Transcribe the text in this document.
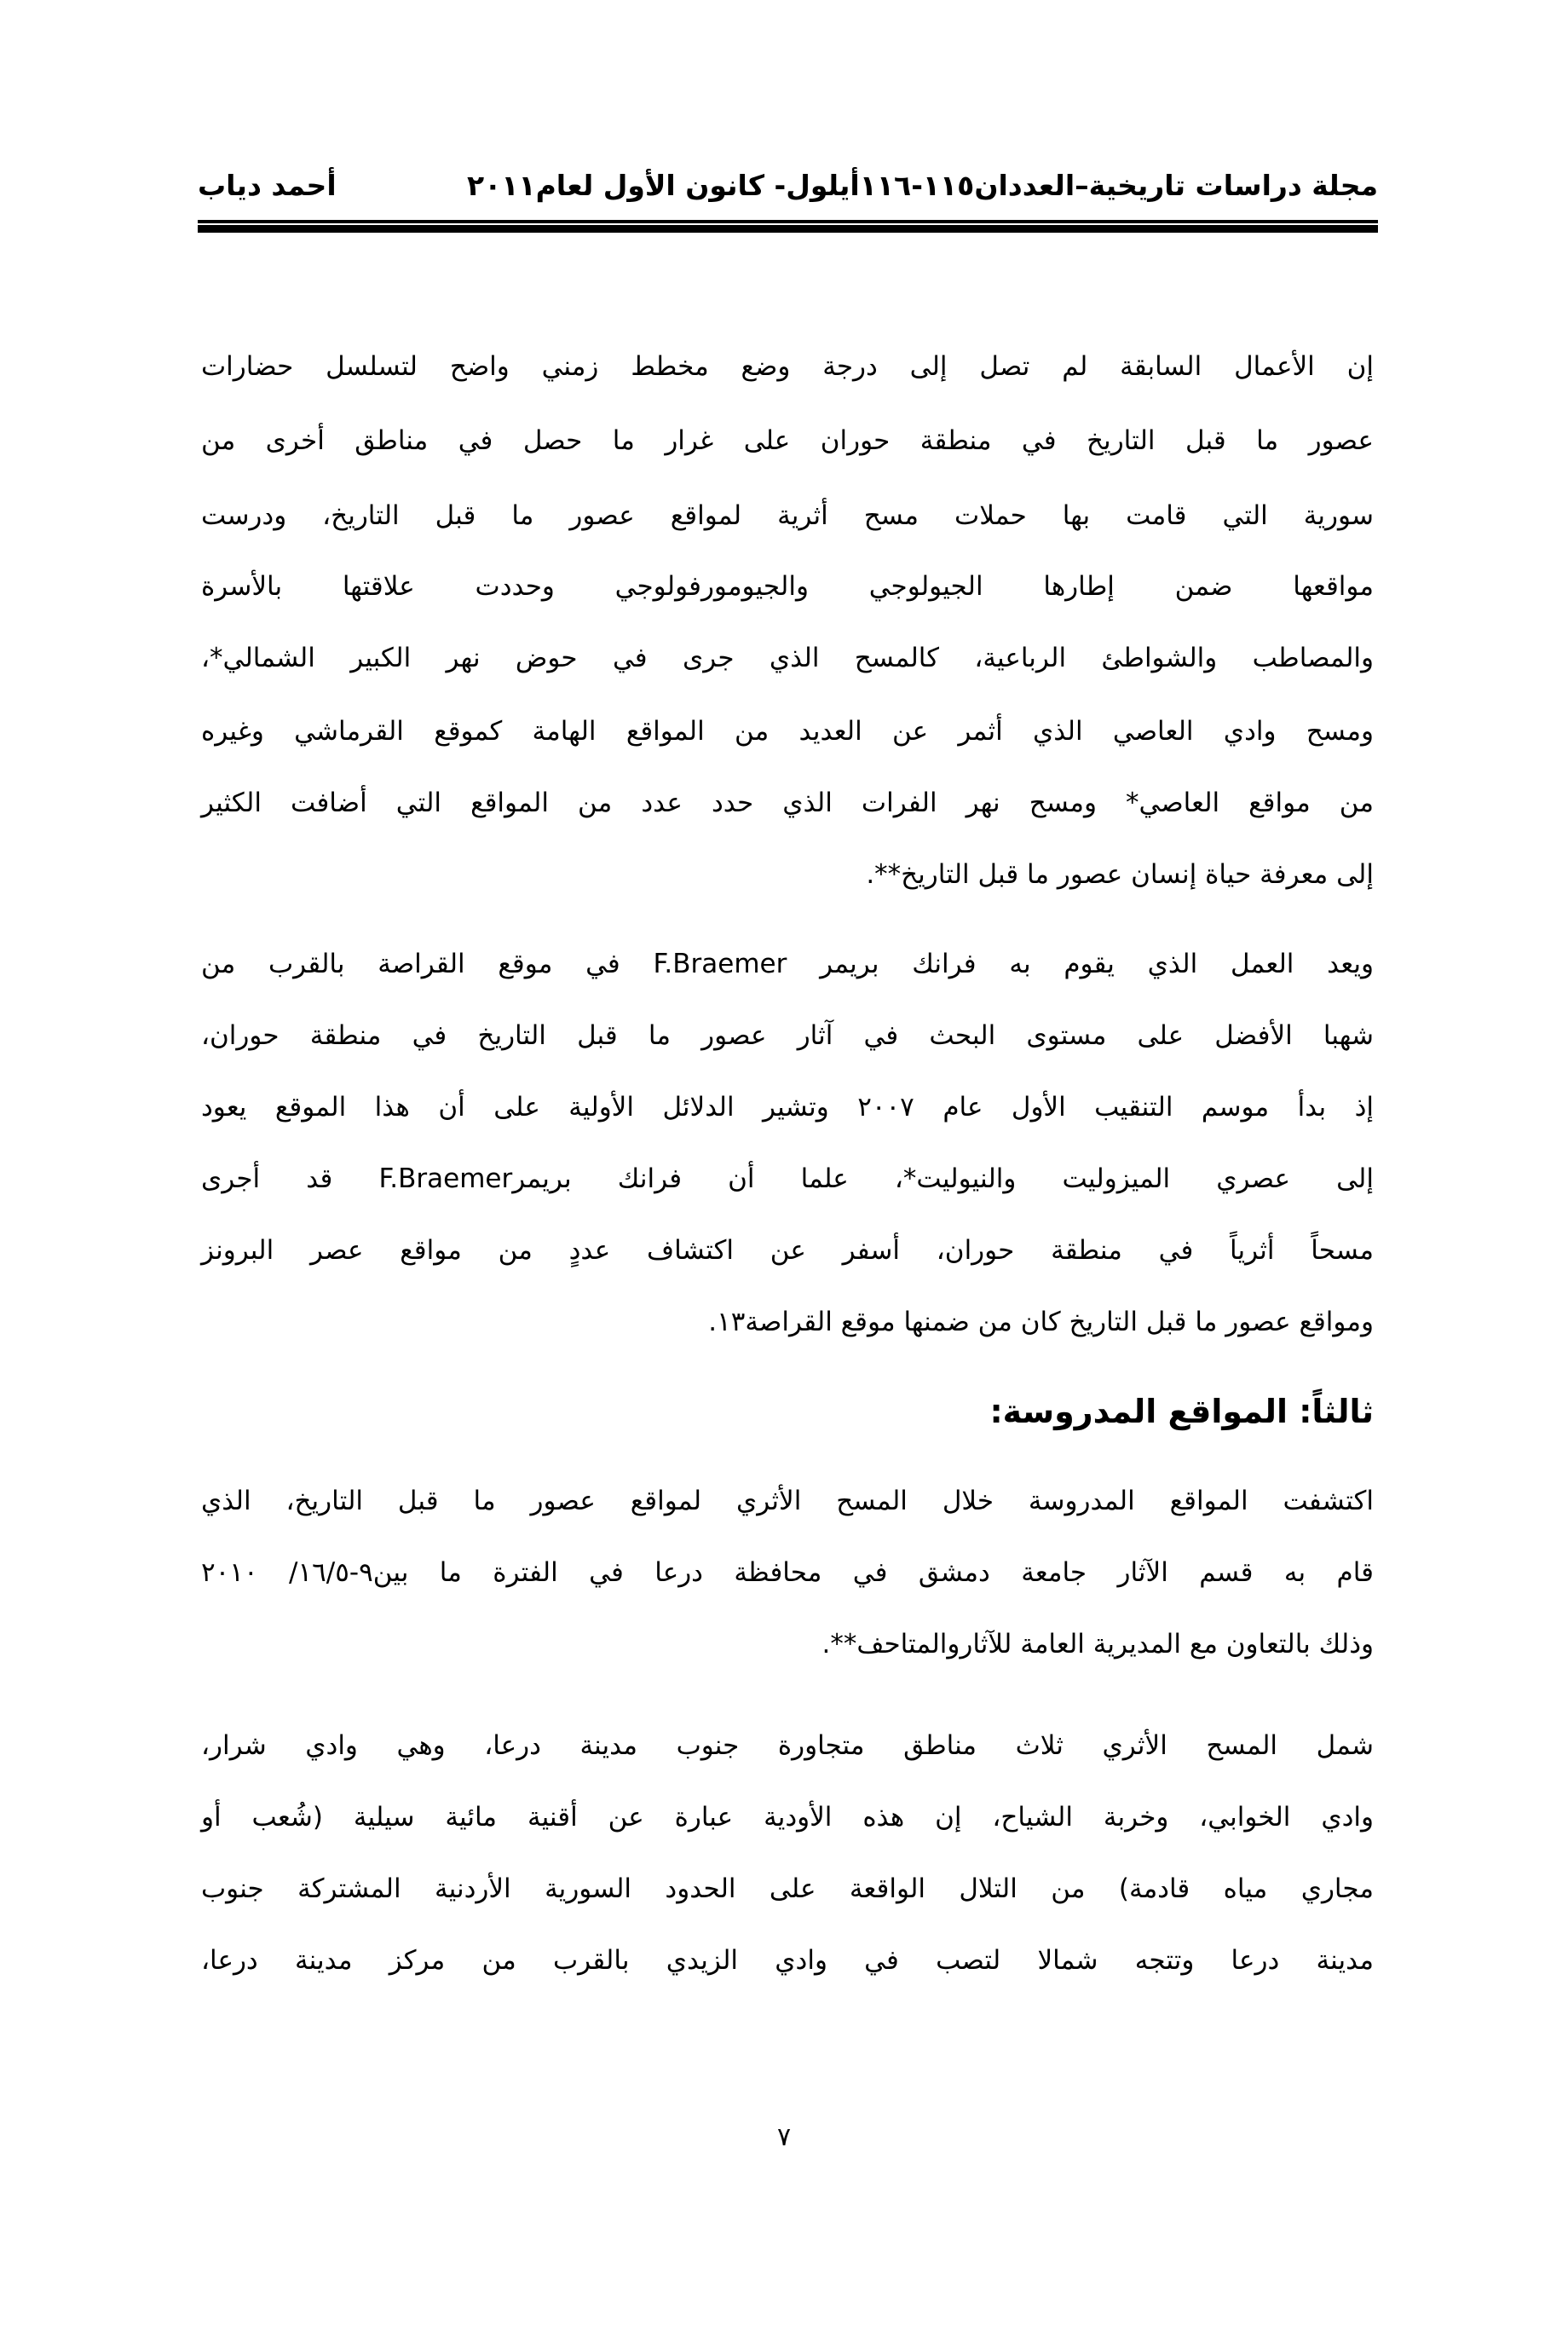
مجلة دراسات تاريخية–العددان١١٥-١١٦أيلول- كانون الأول لعام٢٠١١
أحمد دياب
إن الأعمال السابقة لم تصل إلى درجة وضع مخطط زمني واضح لتسلسل حضارات
عصور ما قبل التاريخ في منطقة حوران على غرار ما حصل في مناطق أخرى من
سورية التي قامت بها حملات مسح أثرية لمواقع عصور ما قبل التاريخ، ودرست
مواقعها ضمن إطارها الجيولوجي والجيومورفولوجي وحددت علاقتها بالأسرة
والمصاطب والشواطئ الرباعية، كالمسح الذي جرى في حوض نهر الكبير الشمالي*،
ومسح وادي العاصي الذي أثمر عن العديد من المواقع الهامة كموقع القرماشي وغيره
من مواقع العاصي* ومسح نهر الفرات الذي حدد عدد من المواقع التي أضافت الكثير
إلى معرفة حياة إنسان عصور ما قبل التاريخ**.
ويعد العمل الذي يقوم به فرانك بريمر F.Braemer في موقع القراصة بالقرب من
شهبا الأفضل على مستوى البحث في آثار عصور ما قبل التاريخ في منطقة حوران،
إذ بدأ موسم التنقيب الأول عام ٢٠٠٧ وتشير الدلائل الأولية على أن هذا الموقع يعود
إلى عصري الميزوليت والنيوليت*، علما أن فرانك بريمرF.Braemer قد أجرى
مسحاً أثرياً في منطقة حوران، أسفر عن اكتشاف عددٍ من مواقع عصر البرونز
ومواقع عصور ما قبل التاريخ كان من ضمنها موقع القراصة١٣.
ثالثاً: المواقع المدروسة:
اكتشفت المواقع المدروسة خلال المسح الأثري لمواقع عصور ما قبل التاريخ، الذي
قام به قسم الآثار جامعة دمشق في محافظة درعا في الفترة ما بين٩-١٦/٥/ ٢٠١٠
وذلك بالتعاون مع المديرية العامة للآثاروالمتاحف**.
شمل المسح الأثري ثلاث مناطق متجاورة جنوب مدينة درعا، وهي وادي شرار،
وادي الخوابي، وخربة الشياح، إن هذه الأودية عبارة عن أقنية مائية سيلية (شُعب أو
مجاري مياه قادمة) من التلال الواقعة على الحدود السورية الأردنية المشتركة جنوب
مدينة درعا وتتجه شمالا لتصب في وادي الزيدي بالقرب من مركز مدينة درعا،
٧
